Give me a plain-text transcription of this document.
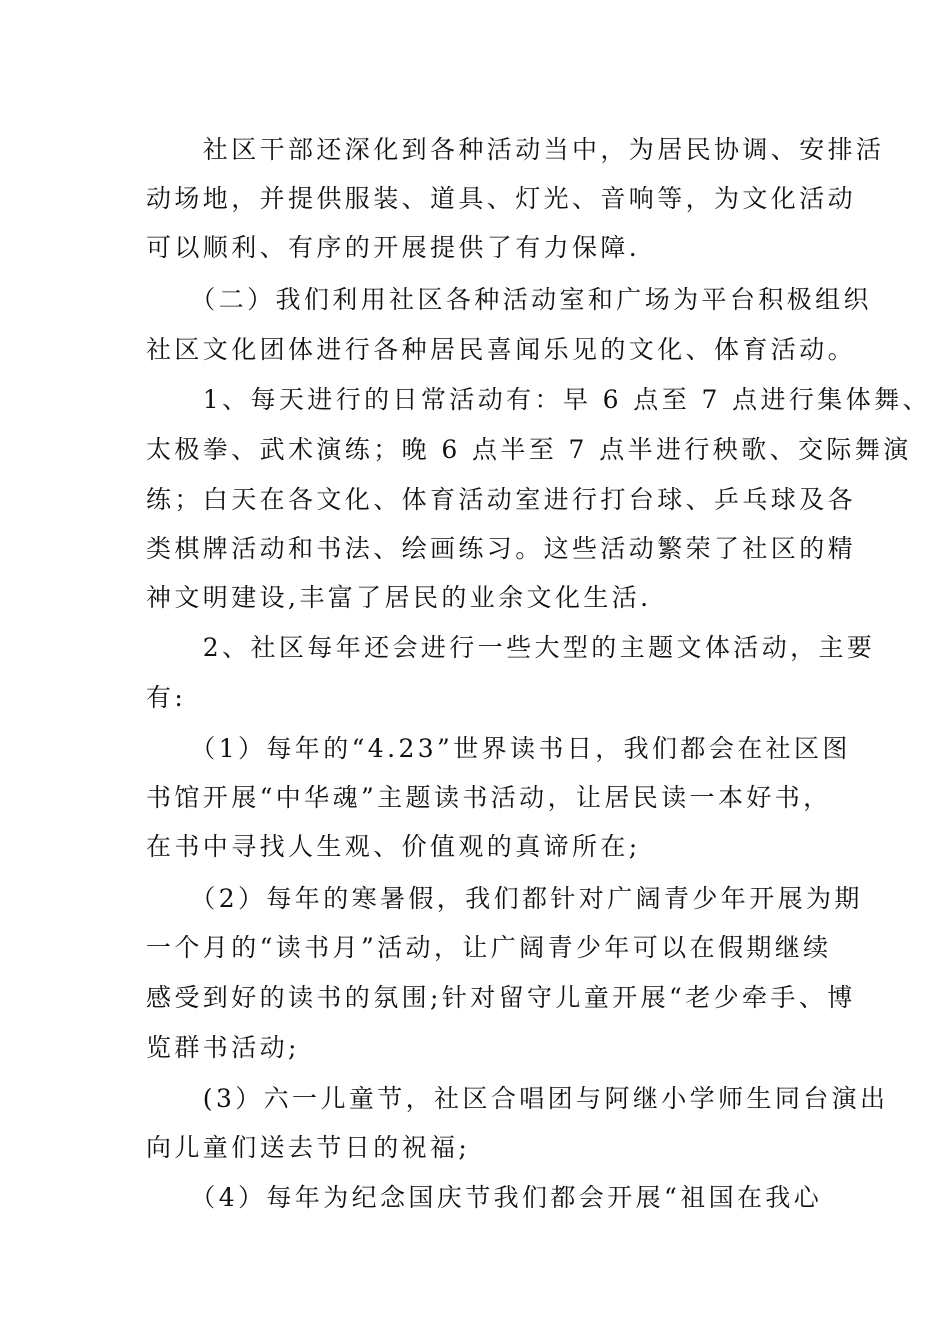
　　社区干部还深化到各种活动当中，为居民协调、安排活
动场地，并提供服装、道具、灯光、音响等，为文化活动
可以顺利、有序的开展提供了有力保障.
　　（二）我们利用社区各种活动室和广场为平台积极组织
社区文化团体进行各种居民喜闻乐见的文化、体育活动。
　　1、每天进行的日常活动有：早 6 点至 7 点进行集体舞、
太极拳、武术演练；晚 6 点半至 7 点半进行秧歌、交际舞演
练；白天在各文化、体育活动室进行打台球、乒乓球及各
类棋牌活动和书法、绘画练习。这些活动繁荣了社区的精
神文明建设,丰富了居民的业余文化生活.
　　2、社区每年还会进行一些大型的主题文体活动，主要
有:
　　（1）每年的“4.23”世界读书日，我们都会在社区图
书馆开展“中华魂”主题读书活动，让居民读一本好书，
在书中寻找人生观、价值观的真谛所在;
　　（2）每年的寒暑假，我们都针对广阔青少年开展为期
一个月的“读书月”活动，让广阔青少年可以在假期继续
感受到好的读书的氛围;针对留守儿童开展“老少牵手、博
览群书活动;
　　(3）六一儿童节，社区合唱团与阿继小学师生同台演出
向儿童们送去节日的祝福;
　　（4）每年为纪念国庆节我们都会开展“祖国在我心
